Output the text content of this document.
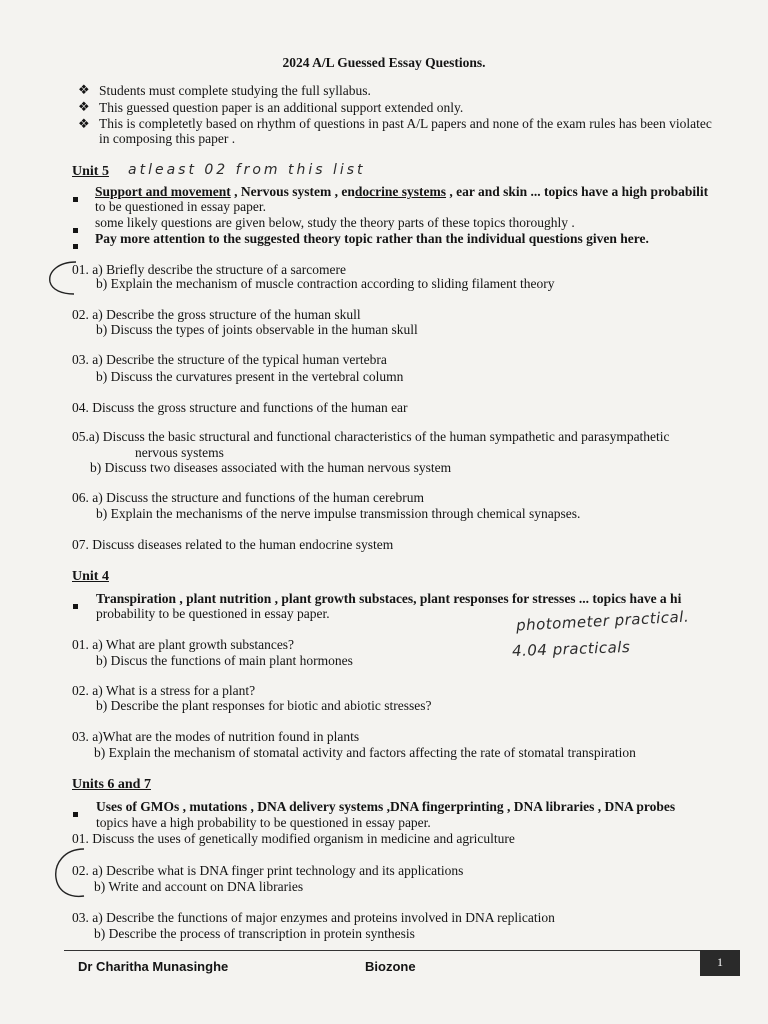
2024 A/L Guessed Essay Questions.
❖ Students must complete studying the full syllabus.
❖ This guessed question paper is an additional support extended only.
❖ This is completetly based on rhythm of questions in past A/L papers and none of the exam rules has been violatec
in composing this paper .
Unit 5 atleast 02 from this list
Support and movement , Nervous system , endocrine systems , ear and skin ... topics have a high probabilit
to be questioned in essay paper.
some likely questions are given below, study the theory parts of these topics thoroughly .
Pay more attention to the suggested theory topic rather than the individual questions given here.
01. a) Briefly describe the structure of a sarcomere
b) Explain the mechanism of muscle contraction according to sliding filament theory
02. a) Describe the gross structure of the human skull
b) Discuss the types of joints observable in the human skull
03. a) Describe the structure of the typical human vertebra
b) Discuss the curvatures present in the vertebral column
04. Discuss the gross structure and functions of the human ear
05.a) Discuss the basic structural and functional characteristics of the human sympathetic and parasympathetic
nervous systems
b) Discuss two diseases associated with the human nervous system
06. a) Discuss the structure and functions of the human cerebrum
b) Explain the mechanisms of the nerve impulse transmission through chemical synapses.
07. Discuss diseases related to the human endocrine system
Unit 4
Transpiration , plant nutrition , plant growth substaces, plant responses for stresses ... topics have a hi
probability to be questioned in essay paper.	photometer practical.
4.04 practicals
01. a) What are plant growth substances?
b) Discus the functions of main plant hormones
02. a) What is a stress for a plant?
b) Describe the plant responses for biotic and abiotic stresses?
03. a)What are the modes of nutrition found in plants
b) Explain the mechanism of stomatal activity and factors affecting the rate of stomatal transpiration
Units 6 and 7
Uses of GMOs , mutations , DNA delivery systems ,DNA fingerprinting , DNA libraries , DNA probes
topics have a high probability to be questioned in essay paper.
01. Discuss the uses of genetically modified organism in medicine and agriculture
02. a) Describe what is DNA finger print technology and its applications
b) Write and account on DNA libraries
03. a) Describe the functions of major enzymes and proteins involved in DNA replication
b) Describe the process of transcription in protein synthesis
Dr Charitha Munasinghe	Biozone	1
